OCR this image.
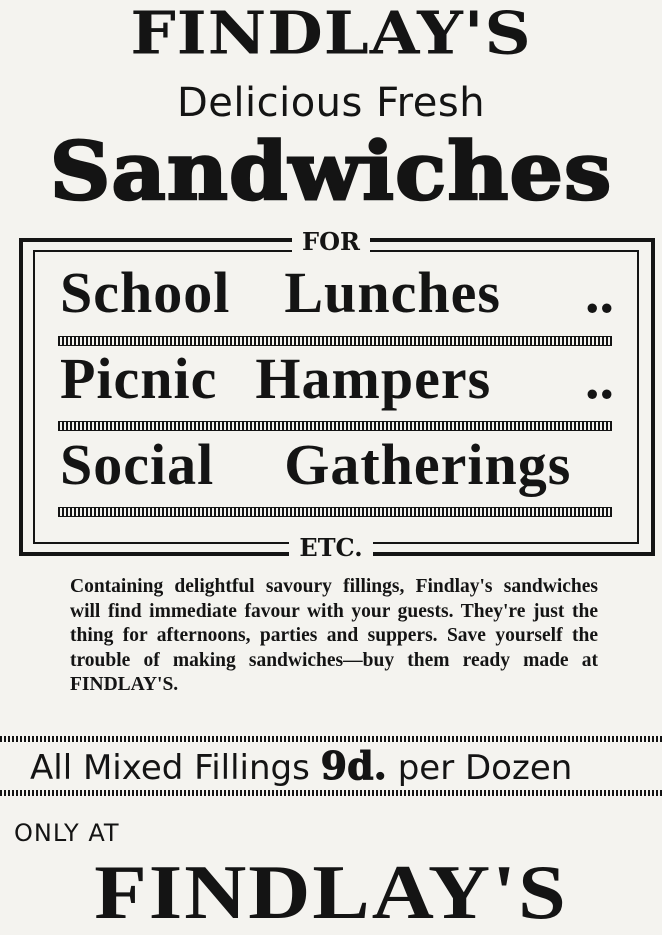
FINDLAY'S
Delicious Fresh
Sandwiches
FOR
School Lunches ..
Picnic Hampers ..
Social Gatherings
ETC.
Containing delightful savoury fillings, Findlay's sandwiches will find immediate favour with your guests. They're just the thing for afternoons, parties and suppers. Save yourself the trouble of making sandwiches—buy them ready made at FINDLAY'S.
All Mixed Fillings 9d. per Dozen
ONLY AT
FINDLAY'S
